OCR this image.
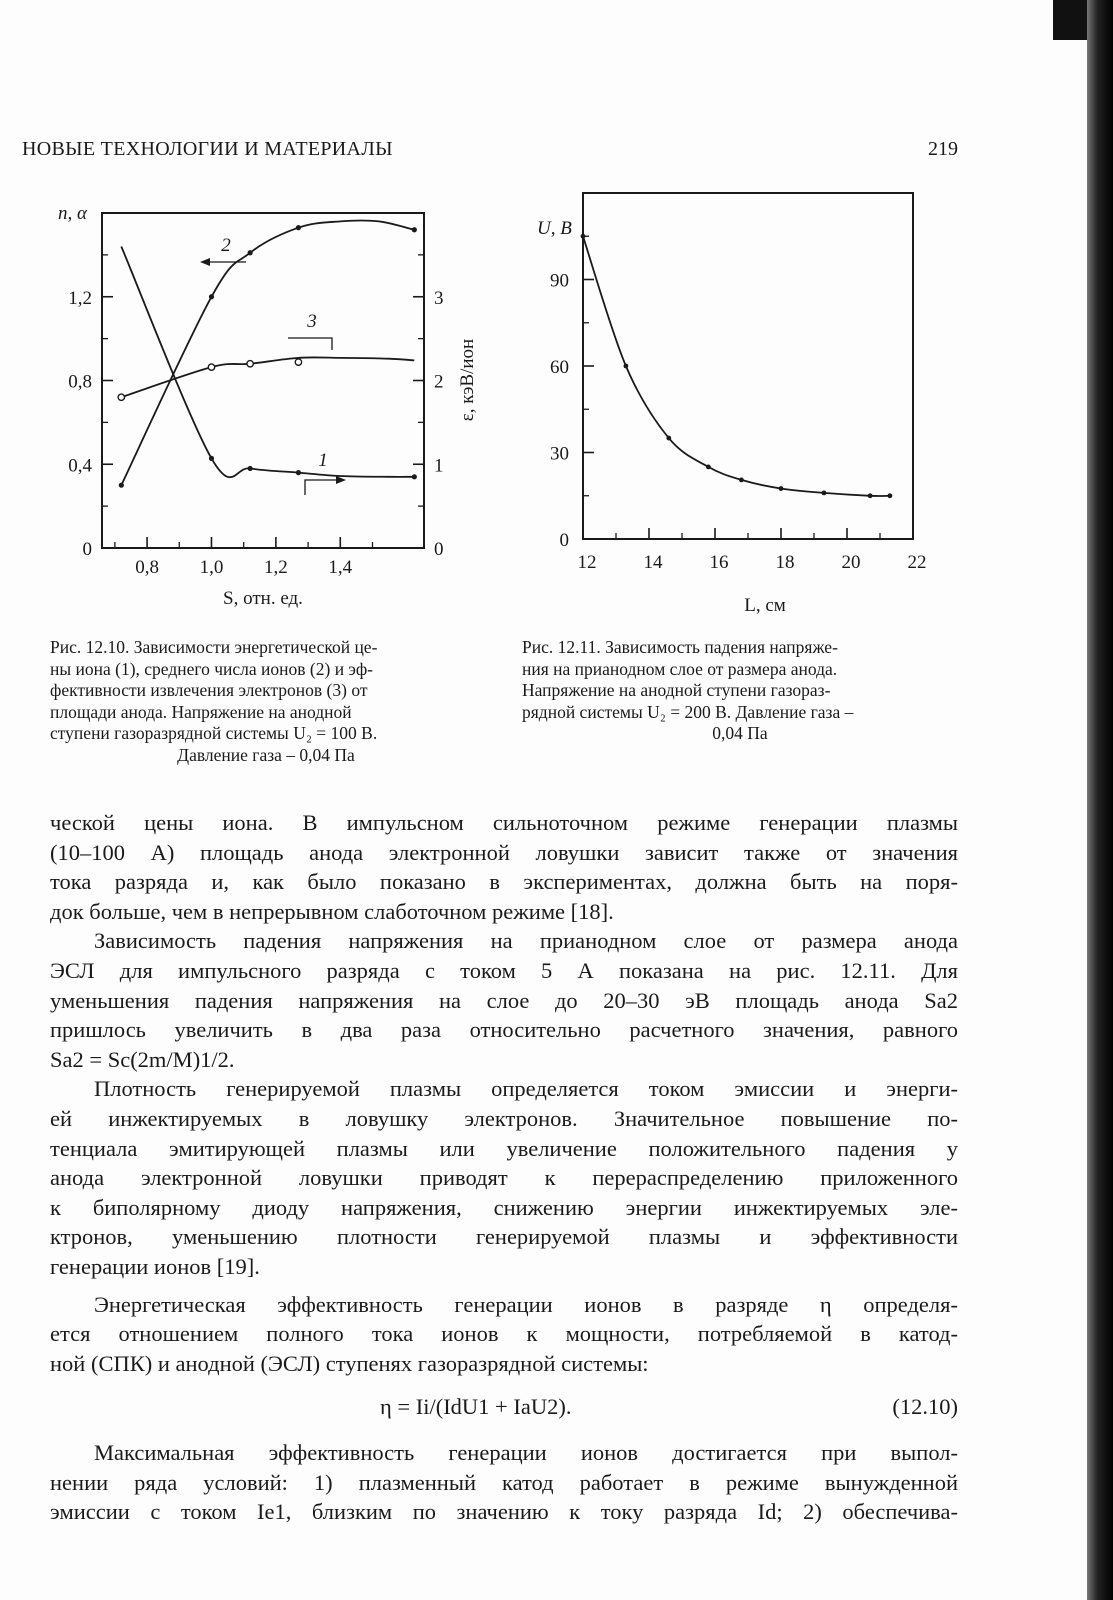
НОВЫЕ ТЕХНОЛОГИИ И МАТЕРИАЛЫ	219
0,8 1,0 1,2 1,4
0
0,4
0,8
1,2
0
1
2
3
n, α
ε, кэВ/ион
S, отн. ед.
2
3
1
12 14 16 18 20 22
0
30
60
90
U, В
L, см
Рис. 12.10. Зависимости энергетической це-
ны иона (1), среднего числа ионов (2) и эф-
фективности извлечения электронов (3) от
площади анода. Напряжение на анодной
ступени газоразрядной системы U₂ = 100 В.
Давление газа – 0,04 Па
Рис. 12.11. Зависимость падения напряже-
ния на прианодном слое от размера анода.
Напряжение на анодной ступени газораз-
рядной системы U₂ = 200 В. Давление газа –
0,04 Па

ческой цены иона. В импульсном сильноточном режиме генерации плазмы

(10–100 А) площадь анода электронной ловушки зависит также от значения

тока разряда и, как было показано в экспериментах, должна быть на поря-

док больше, чем в непрерывном слаботочном режиме [18].

Зависимость падения напряжения на прианодном слое от размера анода

ЭСЛ для импульсного разряда с током 5 А показана на рис. 12.11. Для

уменьшения падения напряжения на слое до 20–30 эВ площадь анода Sa2

пришлось увеличить в два раза относительно расчетного значения, равного

Sa2 = Sc(2m/M)1/2.

Плотность генерируемой плазмы определяется током эмиссии и энерги-

ей инжектируемых в ловушку электронов. Значительное повышение по-

тенциала эмитирующей плазмы или увеличение положительного падения у

анода электронной ловушки приводят к перераспределению приложенного

к биполярному диоду напряжения, снижению энергии инжектируемых эле-

ктронов, уменьшению плотности генерируемой плазмы и эффективности

генерации ионов [19].

Энергетическая эффективность генерации ионов в разряде η определя-

ется отношением полного тока ионов к мощности, потребляемой в катод-

ной (СПК) и анодной (ЭСЛ) ступенях газоразрядной системы:

η = Ii/(IdU1 + IaU2).	(12.10)

Максимальная эффективность генерации ионов достигается при выпол-

нении ряда условий: 1) плазменный катод работает в режиме вынужденной

эмиссии с током Ie1, близким по значению к току разряда Id; 2) обеспечива-
